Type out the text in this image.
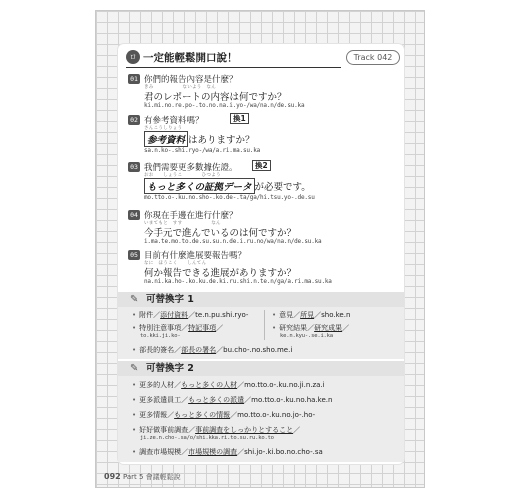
ロ 一定能輕鬆開口說！	Track 042
01 你們的報告內容是什麼？
きみ　　　　　　ないよう　なん
君のレポートの内容は何ですか？
ki.mi.no.re.po-.to.no.na.i.yo-/wa/na.n/de.su.ka
02 有參考資料嗎？	換1
さんこうしりょう
参考資料 はありますか？
sa.n.ko-.shi.ryo-/wa/a.ri.ma.su.ka
03 我們需要更多數據佐證。	換2
おお　　しょうこ　　　　ひつよう
もっと多くの証拠データ が必要です。
mo.tto.o-.ku.no.sho-.ko.de-.ta/ga/hi.tsu.yo-.de.su
04 你現在手邊在進行什麼？
いまてもと　すす　　　　　　なん
今手元で進んでいるのは何ですか？
i.ma.te.mo.to.de.su.su.n.de.i.ru.no/wa/na.n/de.su.ka
05 目前有什麼進展要報告嗎？
なに　ほうこく　　しんてん
何か報告できる進展がありますか？
na.ni.ka.ho-.ko.ku.de.ki.ru.shi.n.te.n/ga/a.ri.ma.su.ka
✎ 可替換字 1
• 附件／添付資料／te.n.pu.shi.ryo-
• 特別注意事項／特記事項／
to.kki.ji.ko-
• 部長的簽名／部長の署名／bu.cho-.no.sho.me.i
• 意見／所見／sho.ke.n
• 研究結果／研究成果／
ke.n.kyu-.se.i.ka
✎ 可替換字 2
• 更多的人材／もっと多くの人材／mo.tto.o-.ku.no.ji.n.za.i
• 更多派遣員工／もっと多くの派遣／mo.tto.o-.ku.no.ha.ke.n
• 更多情報／もっと多くの情報／mo.tto.o-.ku.no.jo-.ho-
• 好好做事前調查／事前調査をしっかりとすること／
ji.ze.n.cho-.sa/o/shi.kka.ri.to.su.ru.ko.to
• 調查市場規模／市場規模の調査／shi.jo-.ki.bo.no.cho-.sa
092 Part 5 會議輕鬆說
